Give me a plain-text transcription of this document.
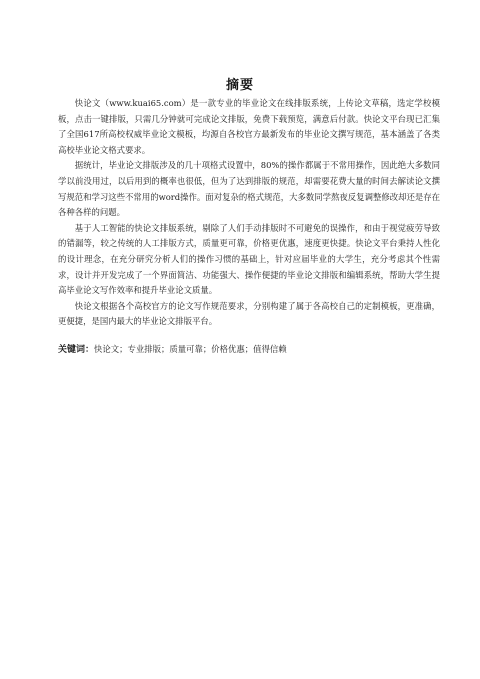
摘要

快论文（www.kuai65.com）是一款专业的毕业论文在线排版系统，上传论文草稿，选定学校模板，点击一键排版，只需几分钟就可完成论文排版，免费下载预览，满意后付款。快论文平台现已汇集了全国617所高校权威毕业论文模板，均源自各校官方最新发布的毕业论文撰写规范，基本涵盖了各类高校毕业论文格式要求。

据统计，毕业论文排版涉及的几十项格式设置中，80%的操作都属于不常用操作，因此绝大多数同学以前没用过，以后用到的概率也很低，但为了达到排版的规范，却需要花费大量的时间去解读论文撰写规范和学习这些不常用的word操作。面对复杂的格式规范，大多数同学熬夜反复调整修改却还是存在各种各样的问题。

基于人工智能的快论文排版系统，剔除了人们手动排版时不可避免的误操作，和由于视觉疲劳导致的错漏等，较之传统的人工排版方式，质量更可靠，价格更优惠，速度更快捷。快论文平台秉持人性化的设计理念，在充分研究分析人们的操作习惯的基础上，针对应届毕业的大学生，充分考虑其个性需求，设计并开发完成了一个界面简洁、功能强大、操作便捷的毕业论文排版和编辑系统，帮助大学生提高毕业论文写作效率和提升毕业论文质量。

快论文根据各个高校官方的论文写作规范要求，分别构建了属于各高校自己的定制模板，更准确，更便捷，是国内最大的毕业论文排版平台。

关键词：快论文；专业排版；质量可靠；价格优惠；值得信赖
